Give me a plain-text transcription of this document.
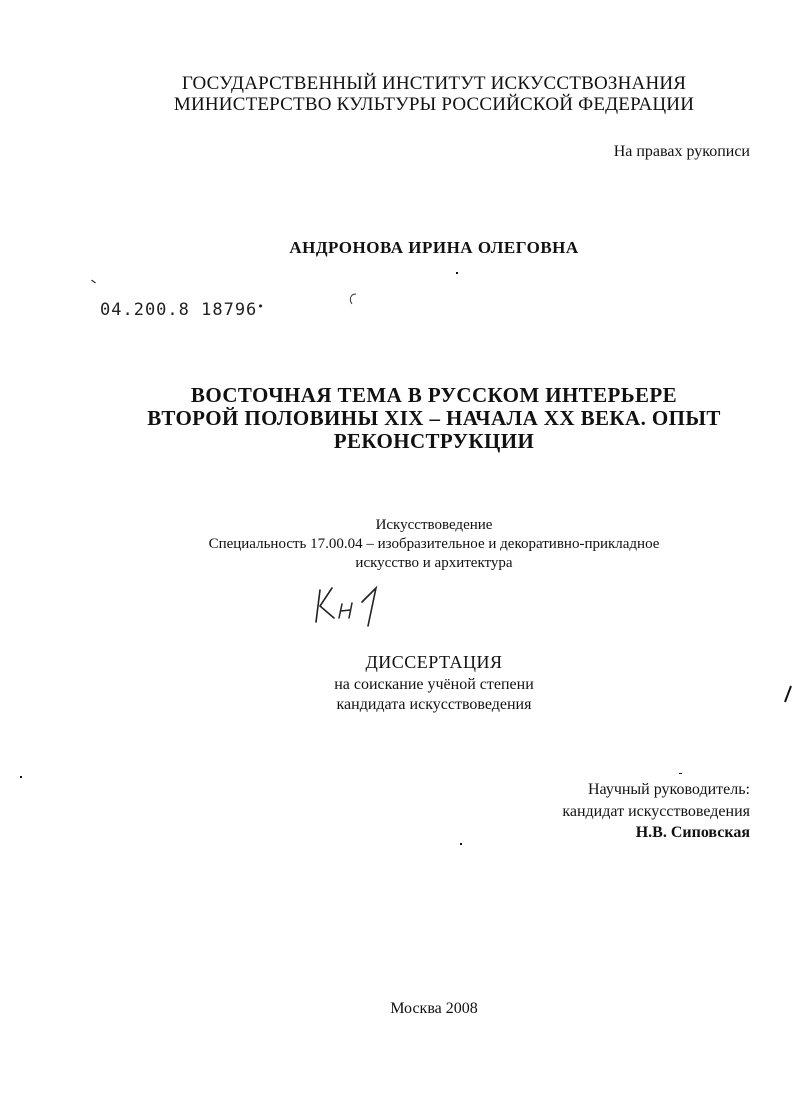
ГОСУДАРСТВЕННЫЙ ИНСТИТУТ ИСКУССТВОЗНАНИЯ
МИНИСТЕРСТВО КУЛЬТУРЫ РОССИЙСКОЙ ФЕДЕРАЦИИ
На правах рукописи
АНДРОНОВА ИРИНА ОЛЕГОВНА
04.200.8 18796•
ВОСТОЧНАЯ ТЕМА В РУССКОМ ИНТЕРЬЕРЕ
ВТОРОЙ ПОЛОВИНЫ XIX – НАЧАЛА XX ВЕКА. ОПЫТ
РЕКОНСТРУКЦИИ
Искусствоведение
Специальность 17.00.04 – изобразительное и декоративно-прикладное
искусство и архитектура
ДИССЕРТАЦИЯ
на соискание учёной степени
кандидата искусствоведения
Научный руководитель:
кандидат искусствоведения
Н.В. Сиповская
Москва 2008
